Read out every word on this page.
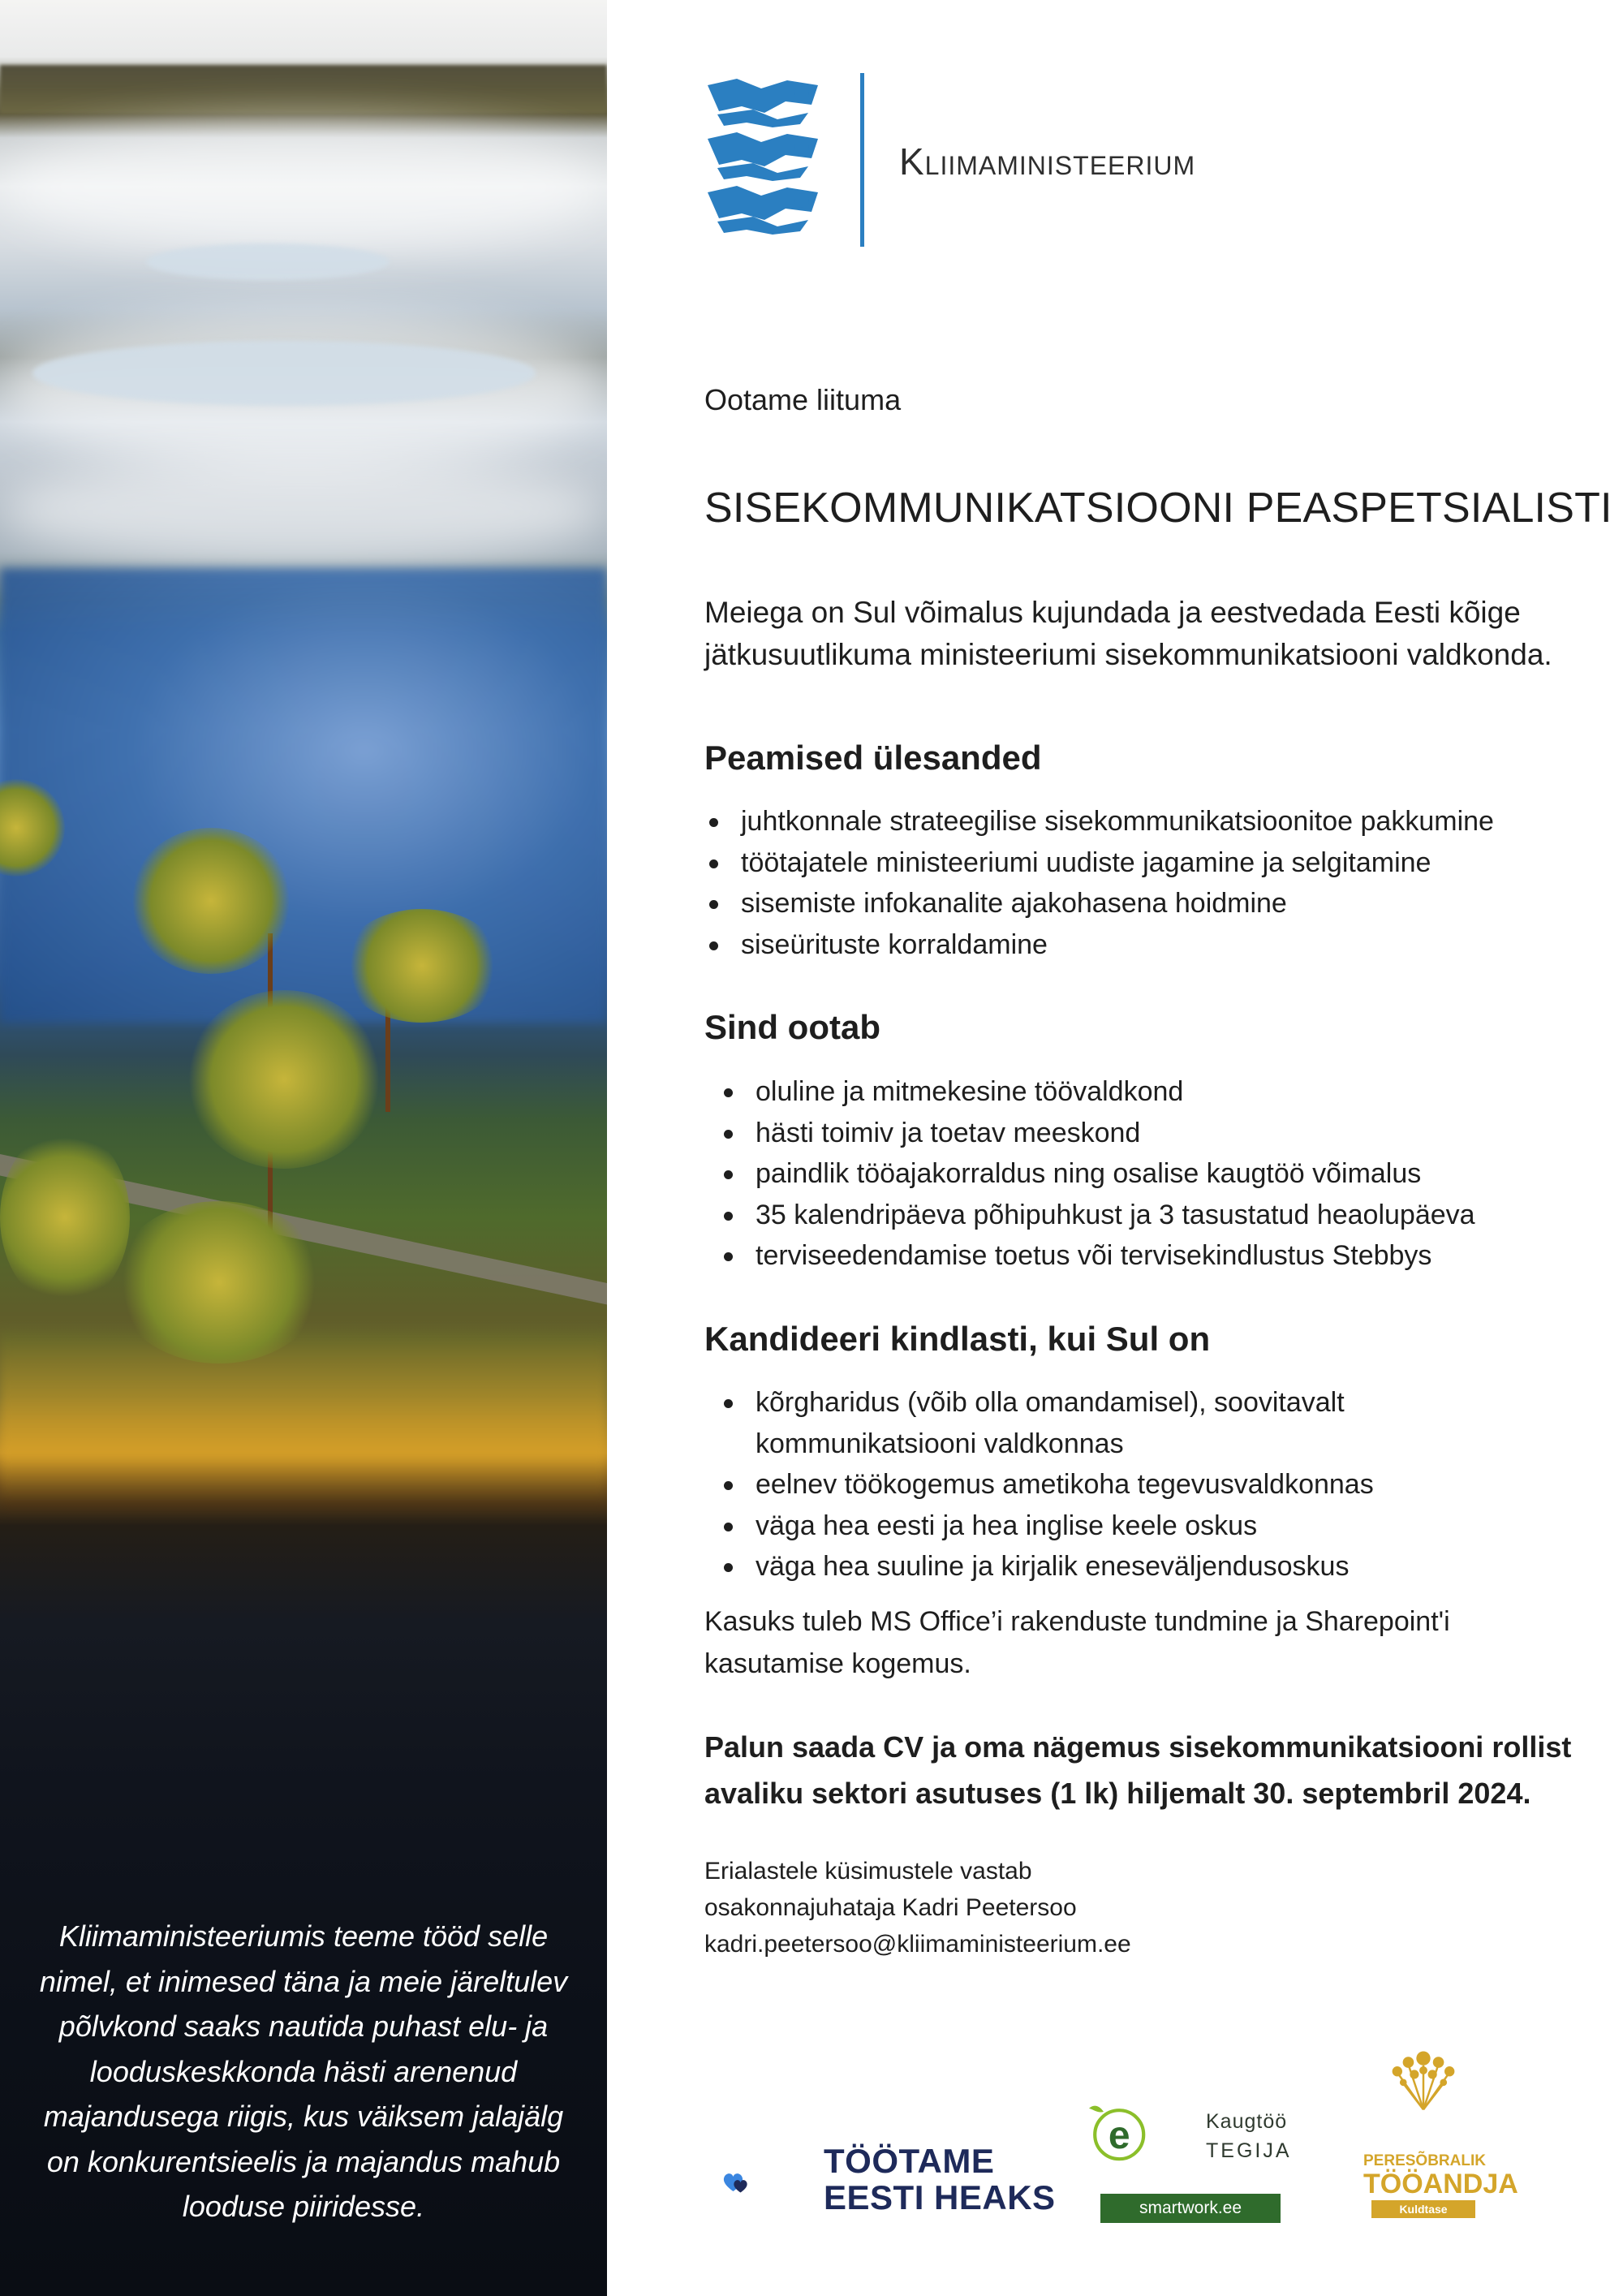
Kliimaministeeriumis teeme tööd selle nimel, et inimesed täna ja meie järeltulev põlvkond saaks nautida puhast elu- ja looduskeskkonda hästi arenenud majandusega riigis, kus väiksem jalajälg on konkurentsieelis ja majandus mahub looduse piiridesse.
Kliimaministeerium
Ootame liituma
SISEKOMMUNIKATSIOONI PEASPETSIALISTI
Meiega on Sul võimalus kujundada ja eestvedada Eesti kõige jätkusuutlikuma ministeeriumi sisekommunikatsiooni valdkonda.
Peamised ülesanded
juhtkonnale strateegilise sisekommunikatsioonitoe pakkumine
töötajatele ministeeriumi uudiste jagamine ja selgitamine
sisemiste infokanalite ajakohasena hoidmine
siseürituste korraldamine
Sind ootab
oluline ja mitmekesine töövaldkond
hästi toimiv ja toetav meeskond
paindlik tööajakorraldus ning osalise kaugtöö võimalus
35 kalendripäeva põhipuhkust ja 3 tasustatud heaolupäeva
terviseedendamise toetus või tervisekindlustus Stebbys
Kandideeri kindlasti, kui Sul on
kõrgharidus (võib olla omandamisel), soovitavalt kommunikatsiooni valdkonnas
eelnev töökogemus ametikoha tegevusvaldkonnas
väga hea eesti ja hea inglise keele oskus
väga hea suuline ja kirjalik eneseväljendusoskus
Kasuks tuleb MS Office’i rakenduste tundmine ja Sharepoint'i kasutamise kogemus.
Palun saada CV ja oma nägemus sisekommunikatsiooni rollist avaliku sektori asutuses (1 lk) hiljemalt 30. septembril 2024.
Erialastele küsimustele vastab
osakonnajuhataja Kadri Peetersoo
kadri.peetersoo@kliimaministeerium.ee
TÖÖTAME
EESTI HEAKS
e	Kaugtöö
TEGIJA
smartwork.ee
PERESÕBRALIK
TÖÖANDJA
Kuldtase
